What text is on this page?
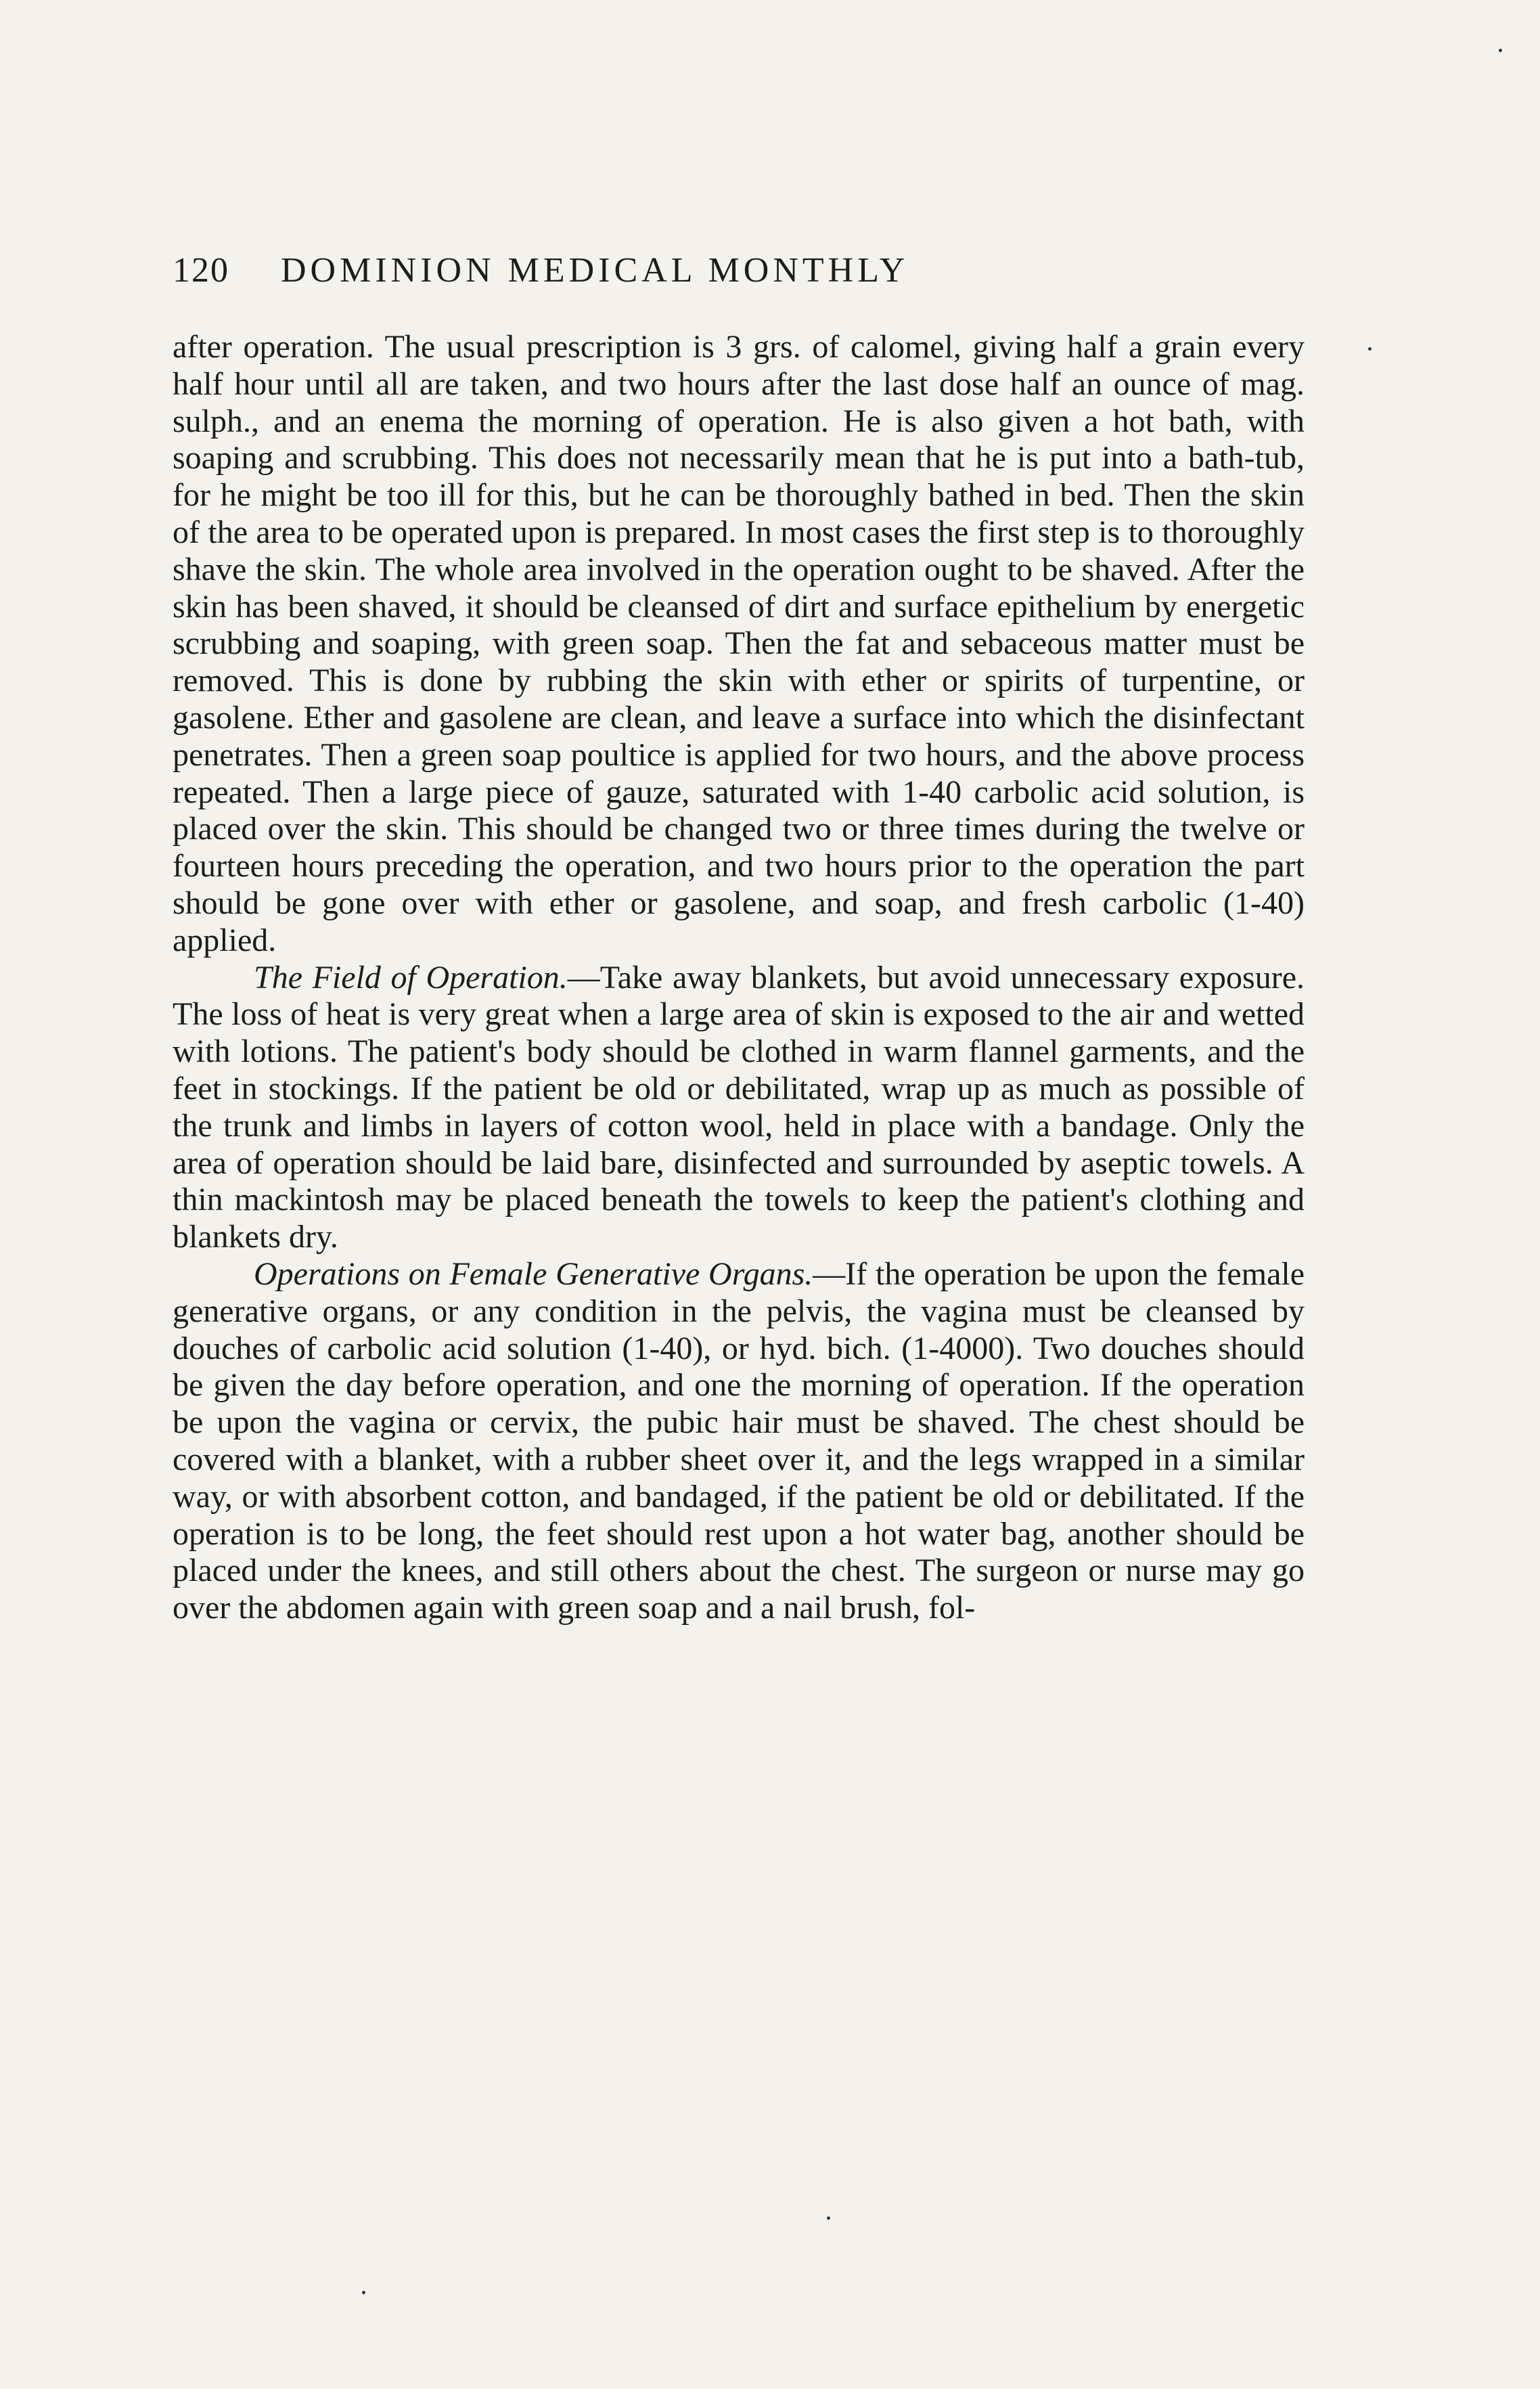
120 DOMINION MEDICAL MONTHLY

after operation. The usual prescription is 3 grs. of calomel, giving half a grain every half hour until all are taken, and two hours after the last dose half an ounce of mag. sulph., and an enema the morning of operation. He is also given a hot bath, with soaping and scrubbing. This does not necessarily mean that he is put into a bath-tub, for he might be too ill for this, but he can be thoroughly bathed in bed. Then the skin of the area to be operated upon is prepared. In most cases the first step is to thoroughly shave the skin. The whole area involved in the operation ought to be shaved. After the skin has been shaved, it should be cleansed of dirt and surface epithelium by energetic scrubbing and soaping, with green soap. Then the fat and sebaceous matter must be removed. This is done by rubbing the skin with ether or spirits of turpentine, or gasolene. Ether and gasolene are clean, and leave a surface into which the disinfectant penetrates. Then a green soap poultice is applied for two hours, and the above process repeated. Then a large piece of gauze, saturated with 1-40 carbolic acid solution, is placed over the skin. This should be changed two or three times during the twelve or fourteen hours preceding the operation, and two hours prior to the operation the part should be gone over with ether or gasolene, and soap, and fresh carbolic (1-40) applied.

The Field of Operation.—Take away blankets, but avoid unnecessary exposure. The loss of heat is very great when a large area of skin is exposed to the air and wetted with lotions. The patient's body should be clothed in warm flannel garments, and the feet in stockings. If the patient be old or debilitated, wrap up as much as possible of the trunk and limbs in layers of cotton wool, held in place with a bandage. Only the area of operation should be laid bare, disinfected and surrounded by aseptic towels. A thin mackintosh may be placed beneath the towels to keep the patient's clothing and blankets dry.

Operations on Female Generative Organs.—If the operation be upon the female generative organs, or any condition in the pelvis, the vagina must be cleansed by douches of carbolic acid solution (1-40), or hyd. bich. (1-4000). Two douches should be given the day before operation, and one the morning of operation. If the operation be upon the vagina or cervix, the pubic hair must be shaved. The chest should be covered with a blanket, with a rubber sheet over it, and the legs wrapped in a similar way, or with absorbent cotton, and bandaged, if the patient be old or debilitated. If the operation is to be long, the feet should rest upon a hot water bag, another should be placed under the knees, and still others about the chest. The surgeon or nurse may go over the abdomen again with green soap and a nail brush, fol-
